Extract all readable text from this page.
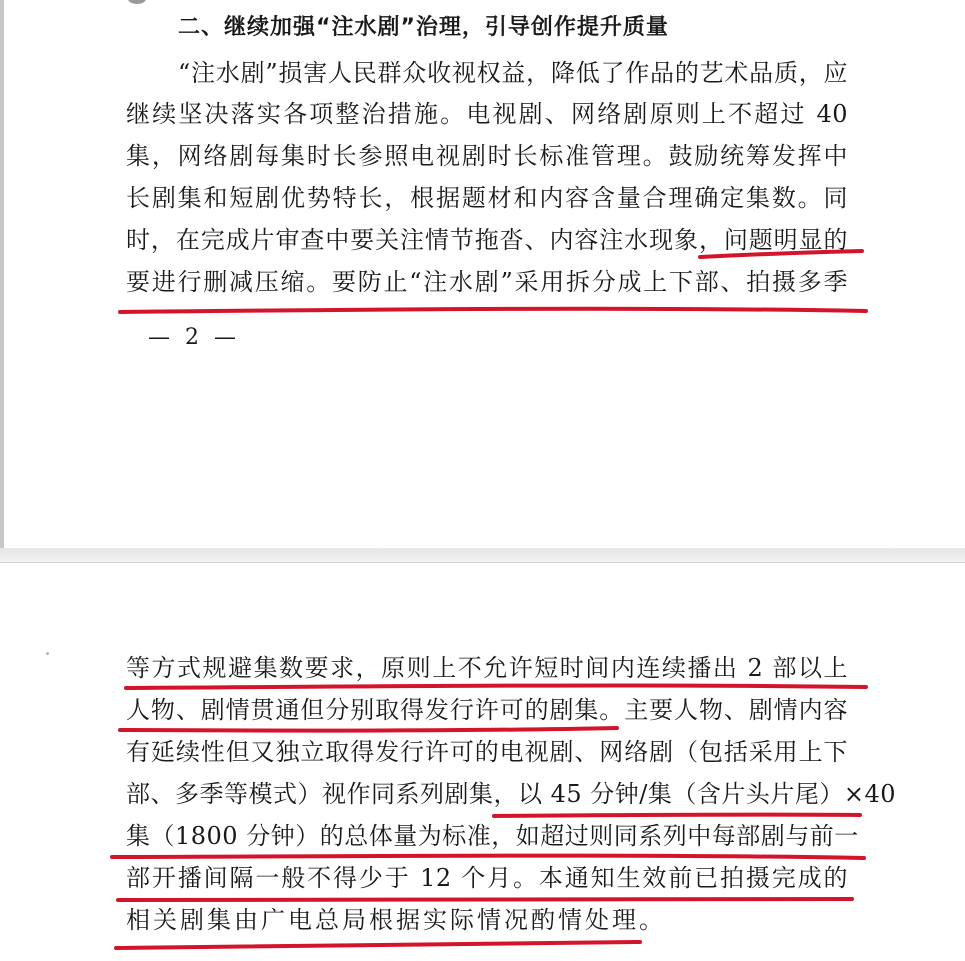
二、继续加强“注水剧”治理，引导创作提升质量
“注水剧”损害人民群众收视权益，降低了作品的艺术品质，应
继续坚决落实各项整治措施。电视剧、网络剧原则上不超过 40
集，网络剧每集时长参照电视剧时长标准管理。鼓励统筹发挥中
长剧集和短剧优势特长，根据题材和内容含量合理确定集数。同
时，在完成片审查中要关注情节拖沓、内容注水现象，问题明显的
要进行删减压缩。要防止“注水剧”采用拆分成上下部、拍摄多季
— 2 —
等方式规避集数要求，原则上不允许短时间内连续播出 2 部以上
人物、剧情贯通但分别取得发行许可的剧集。主要人物、剧情内容
有延续性但又独立取得发行许可的电视剧、网络剧（包括采用上下
部、多季等模式）视作同系列剧集，以 45 分钟/集（含片头片尾）×40
集（1800 分钟）的总体量为标准，如超过则同系列中每部剧与前一
部开播间隔一般不得少于 12 个月。本通知生效前已拍摄完成的
相关剧集由广电总局根据实际情况酌情处理。
